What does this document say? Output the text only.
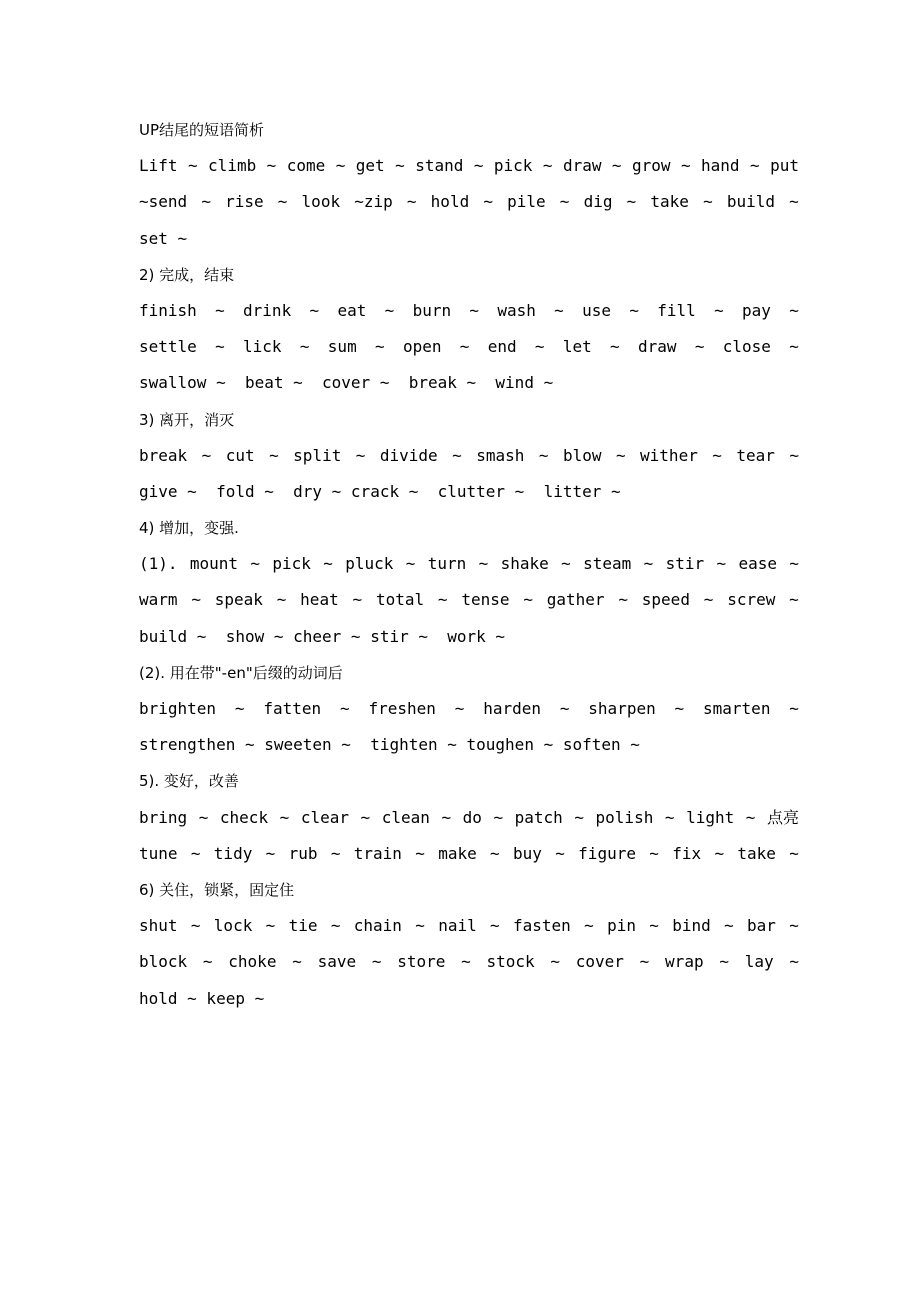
UP结尾的短语简析
Lift ~ climb ~ come ~ get ~ stand ~ pick ~ draw ~ grow ~ hand ~ put
~send ~ rise ~ look ~zip ~ hold ~ pile ~ dig ~ take ~ build ~
set ~
2) 完成，结束
finish ~ drink ~ eat ~ burn ~ wash ~ use ~ fill ~ pay ~
settle ~ lick ~ sum ~ open ~ end ~ let ~ draw ~ close ~
swallow ~  beat ~  cover ~  break ~  wind ~
3) 离开，消灭
break ~ cut ~ split ~ divide ~ smash ~ blow ~ wither ~ tear ~
give ~  fold ~  dry ~ crack ~  clutter ~  litter ~
4) 增加，变强.
(1). mount ~ pick ~ pluck ~ turn ~ shake ~ steam ~ stir ~ ease ~
warm ~ speak ~ heat ~ total ~ tense ~ gather ~ speed ~ screw ~
build ~  show ~ cheer ~ stir ~  work ~
(2). 用在带"-en"后缀的动词后
brighten ~ fatten ~ freshen ~ harden ~ sharpen ~ smarten ~
strengthen ~ sweeten ~  tighten ~ toughen ~ soften ~
5). 变好，改善
bring ~ check ~ clear ~ clean ~ do ~ patch ~ polish ~ light ~ 点亮
tune ~ tidy ~ rub ~ train ~ make ~ buy ~ figure ~ fix ~ take ~
6) 关住，锁紧，固定住
shut ~ lock ~ tie ~ chain ~ nail ~ fasten ~ pin ~ bind ~ bar ~
block ~ choke ~ save ~ store ~ stock ~ cover ~ wrap ~ lay ~
hold ~ keep ~
